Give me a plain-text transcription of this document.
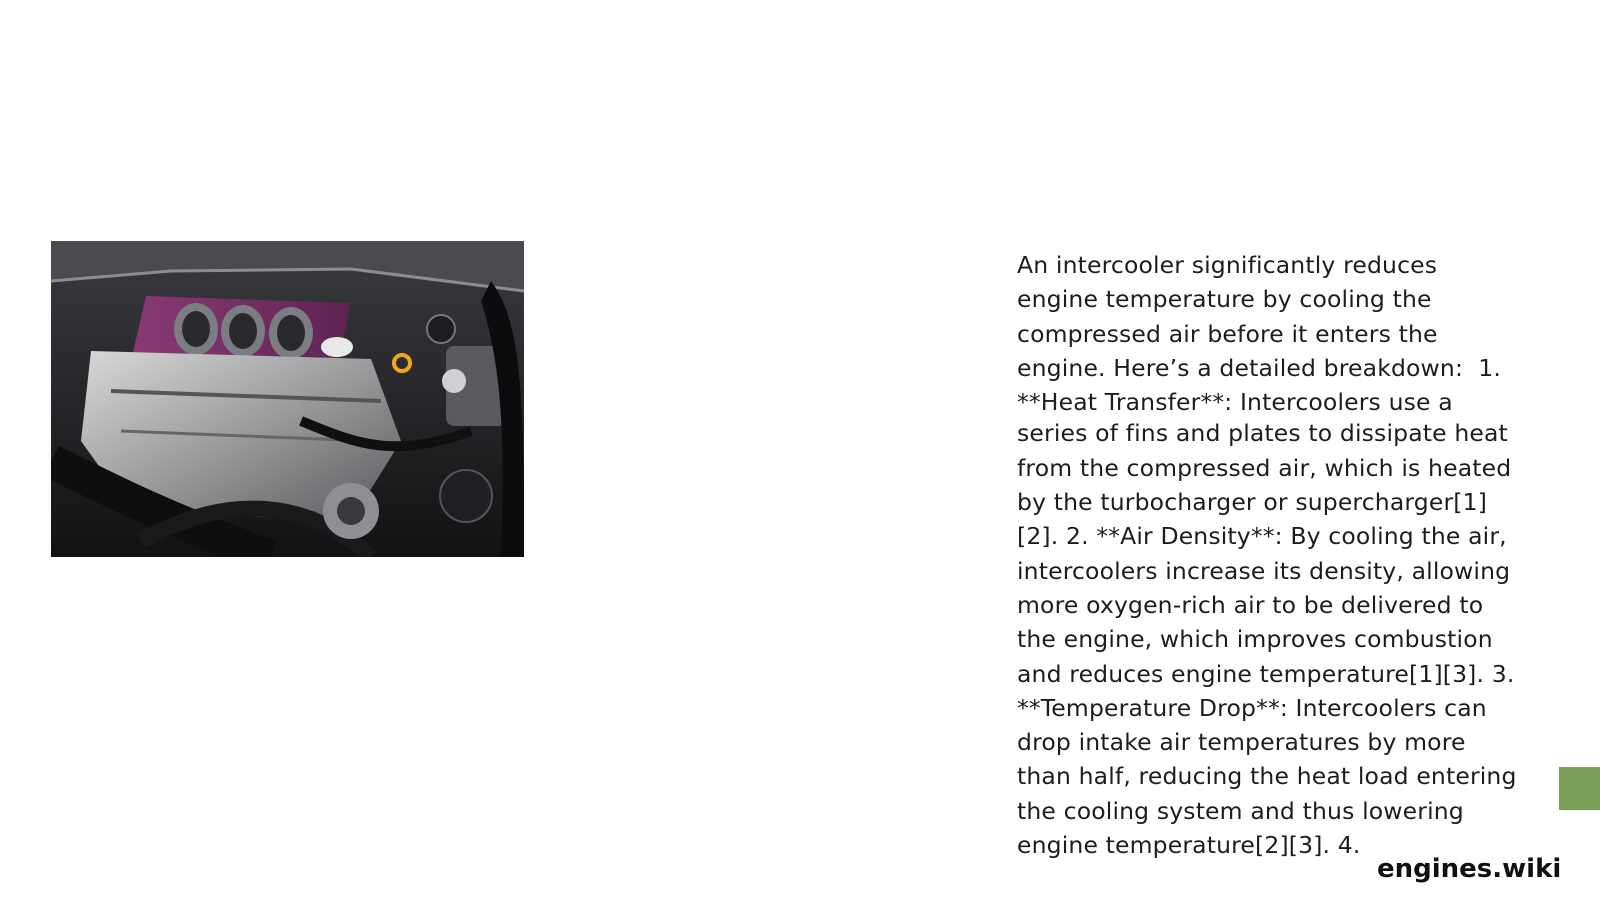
An intercooler significantly reduces engine temperature by cooling the compressed air before it enters the engine. Here’s a detailed breakdown:  1. **Heat Transfer**: Intercoolers use a

series of fins and plates to dissipate heat from the compressed air, which is heated by the turbocharger or supercharger[1][2]. 2. **Air Density**: By cooling the air, intercoolers increase its density, allowing more oxygen-rich air to be delivered to the engine, which improves combustion and reduces engine temperature[1][3]. 3. **Temperature Drop**: Intercoolers can drop intake air temperatures by more than half, reducing the heat load entering the cooling system and thus lowering engine temperature[2][3]. 4.

engines.wiki
